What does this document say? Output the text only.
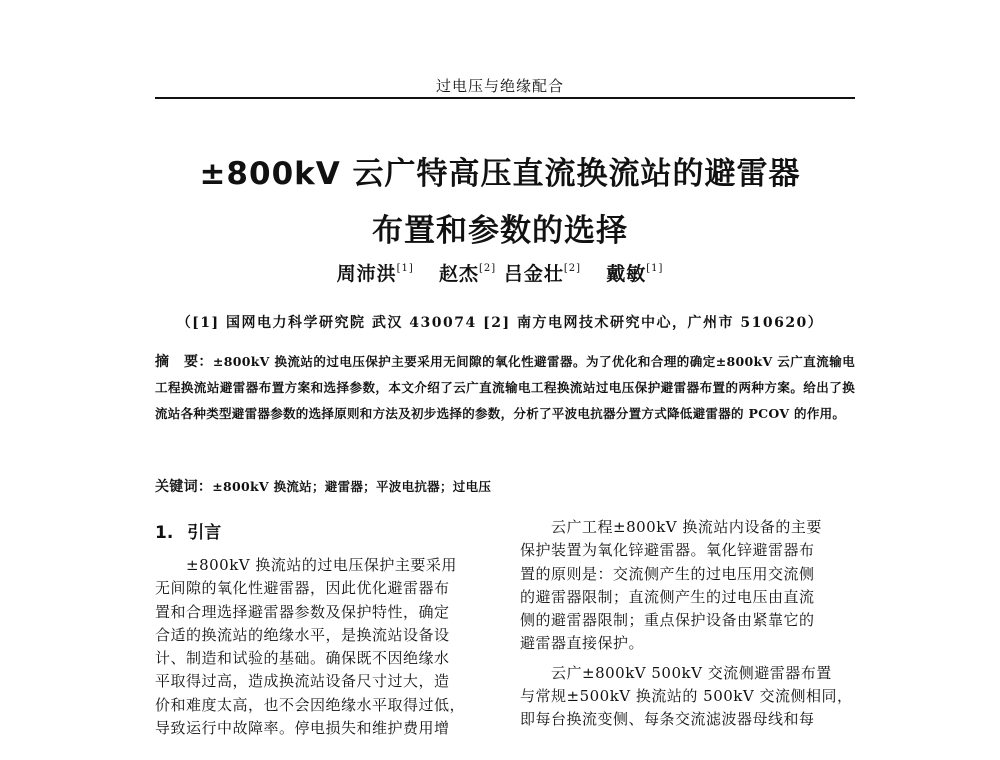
过电压与绝缘配合
±800kV 云广特高压直流换流站的避雷器
布置和参数的选择
周沛洪[1] 赵杰[2] 吕金壮[2] 戴敏[1]
（[1] 国网电力科学研究院 武汉 430074 [2] 南方电网技术研究中心，广州市 510620）
摘　要：±800kV 换流站的过电压保护主要采用无间隙的氧化性避雷器。为了优化和合理的确定±800kV 云广直流输电工程换流站避雷器布置方案和选择参数，本文介绍了云广直流输电工程换流站过电压保护避雷器布置的两种方案。给出了换流站各种类型避雷器参数的选择原则和方法及初步选择的参数，分析了平波电抗器分置方式降低避雷器的 PCOV 的作用。
关键词：±800kV 换流站；避雷器；平波电抗器；过电压
1. 引言
±800kV 换流站的过电压保护主要采用
无间隙的氧化性避雷器，因此优化避雷器布
置和合理选择避雷器参数及保护特性，确定
合适的换流站的绝缘水平，是换流站设备设
计、制造和试验的基础。确保既不因绝缘水
平取得过高，造成换流站设备尺寸过大，造
价和难度太高，也不会因绝缘水平取得过低，
导致运行中故障率。停电损失和维护费用增
云广工程±800kV 换流站内设备的主要
保护装置为氧化锌避雷器。氧化锌避雷器布
置的原则是：交流侧产生的过电压用交流侧
的避雷器限制；直流侧产生的过电压由直流
侧的避雷器限制；重点保护设备由紧靠它的
避雷器直接保护。
云广±800kV 500kV 交流侧避雷器布置
与常规±500kV 换流站的 500kV 交流侧相同，
即每台换流变侧、每条交流滤波器母线和每
